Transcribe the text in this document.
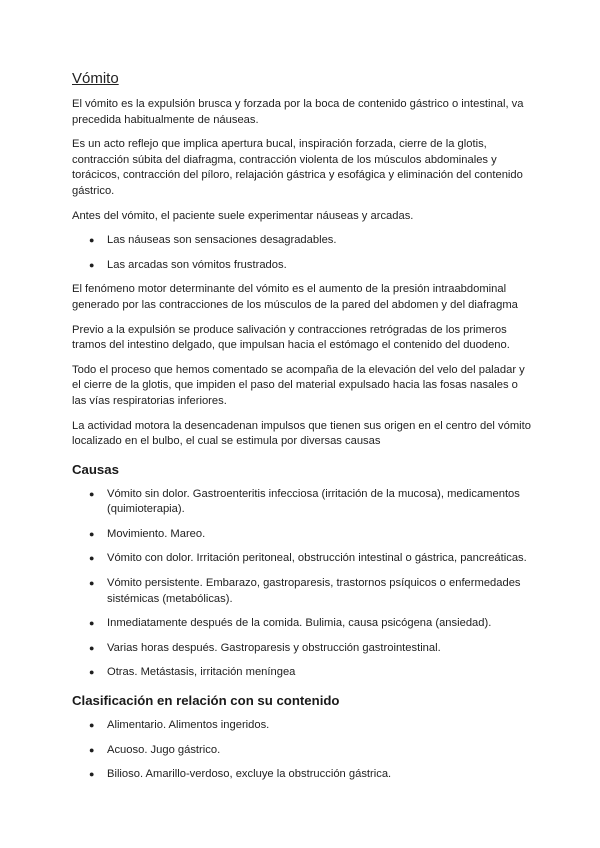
Vómito

El vómito es la expulsión brusca y forzada por la boca de contenido gástrico o intestinal, va precedida habitualmente de náuseas.

Es un acto reflejo que implica apertura bucal, inspiración forzada, cierre de la glotis, contracción súbita del diafragma, contracción violenta de los músculos abdominales y torácicos, contracción del píloro, relajación gástrica y esofágica y eliminación del contenido gástrico.

Antes del vómito, el paciente suele experimentar náuseas y arcadas.

● Las náuseas son sensaciones desagradables.
● Las arcadas son vómitos frustrados.

El fenómeno motor determinante del vómito es el aumento de la presión intraabdominal generado por las contracciones de los músculos de la pared del abdomen y del diafragma

Previo a la expulsión se produce salivación y contracciones retrógradas de los primeros tramos del intestino delgado, que impulsan hacia el estómago el contenido del duodeno.

Todo el proceso que hemos comentado se acompaña de la elevación del velo del paladar y el cierre de la glotis, que impiden el paso del material expulsado hacia las fosas nasales o las vías respiratorias inferiores.

La actividad motora la desencadenan impulsos que tienen sus origen en el centro del vómito localizado en el bulbo, el cual se estimula por diversas causas

Causas
● Vómito sin dolor. Gastroenteritis infecciosa (irritación de la mucosa), medicamentos (quimioterapia).
● Movimiento. Mareo.
● Vómito con dolor. Irritación peritoneal, obstrucción intestinal o gástrica, pancreáticas.
● Vómito persistente. Embarazo, gastroparesis, trastornos psíquicos o enfermedades sistémicas (metabólicas).
● Inmediatamente después de la comida. Bulimia, causa psicógena (ansiedad).
● Varias horas después. Gastroparesis y obstrucción gastrointestinal.
● Otras. Metástasis, irritación meníngea
Clasificación en relación con su contenido
● Alimentario. Alimentos ingeridos.
● Acuoso. Jugo gástrico.
● Bilioso. Amarillo-verdoso, excluye la obstrucción gástrica.
